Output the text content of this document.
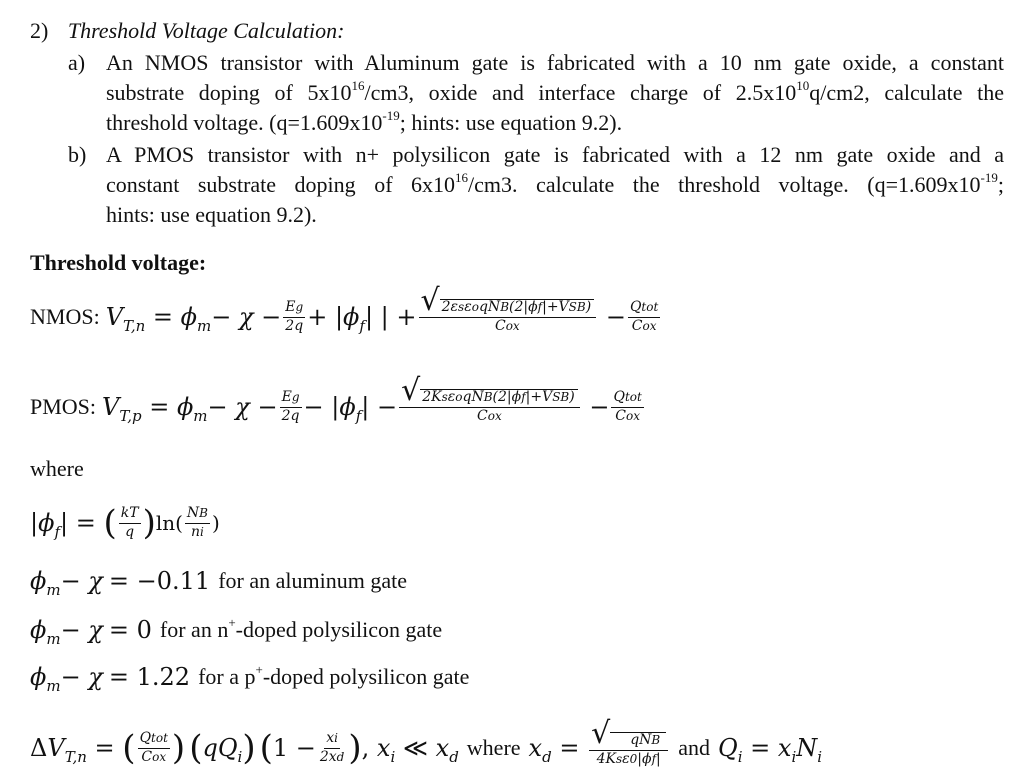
2) Threshold Voltage Calculation:
a) An NMOS transistor with Aluminum gate is fabricated with a 10 nm gate oxide, a constant
substrate doping of $5x10^{16}/cm3$, oxide and interface charge of $2.5x10^{10}q/cm2$, calculate the
threshold voltage. ($q=1.609x10^{-19}$; hints: use equation 9.2).
b) A PMOS transistor with n+ polysilicon gate is fabricated with a 12 nm gate oxide and a
constant substrate doping of $6x10^{16}/cm3$. calculate the threshold voltage. ($q=1.609x10^{-19}$;
hints: use equation 9.2).
Threshold voltage:
NMOS: $V_{T,n} = \phi_m - \chi - \frac{Eg}{2q}$ + | $\phi_f$ | | + $\frac{\text{√ 2εsεoqNB(2|ϕf|+VSB)}}{\text{Cox}} - \frac{\text{Qtot}}{\text{Cox}}$
PMOS: $V_{T,p} = \phi_m - \chi - \frac{Eg}{2q}$ − | $\phi_f$ | − $\frac{\text{√ 2KsεoqNB(2|ϕf|+VSB)}}{\text{Cox}} - \frac{\text{Qtot}}{\text{Cox}}$
where
| $\phi_f$ | = ( $\frac{kT}{q}$ ) $\ln( \frac{NB}{ni}$ )
$\phi_m - \chi = -0.11$ for an aluminum gate
$\phi_m - \chi = 0$ for an n+-doped polysilicon gate
$\phi_m - \chi = 1.22$ for a p+-doped polysilicon gate
Δ $V_{T,n}$ = ( $\frac{\text{Qtot}}{\text{Cox}}$ ) ( $qQ_i$ ) ( $1 - \frac{xi}{2xd}$ ) , $x_i$ ≪ $x_d$ where $x_d$ = √	qNB
4Ksε0|ϕf| and $Q_i = x_iN_i$
